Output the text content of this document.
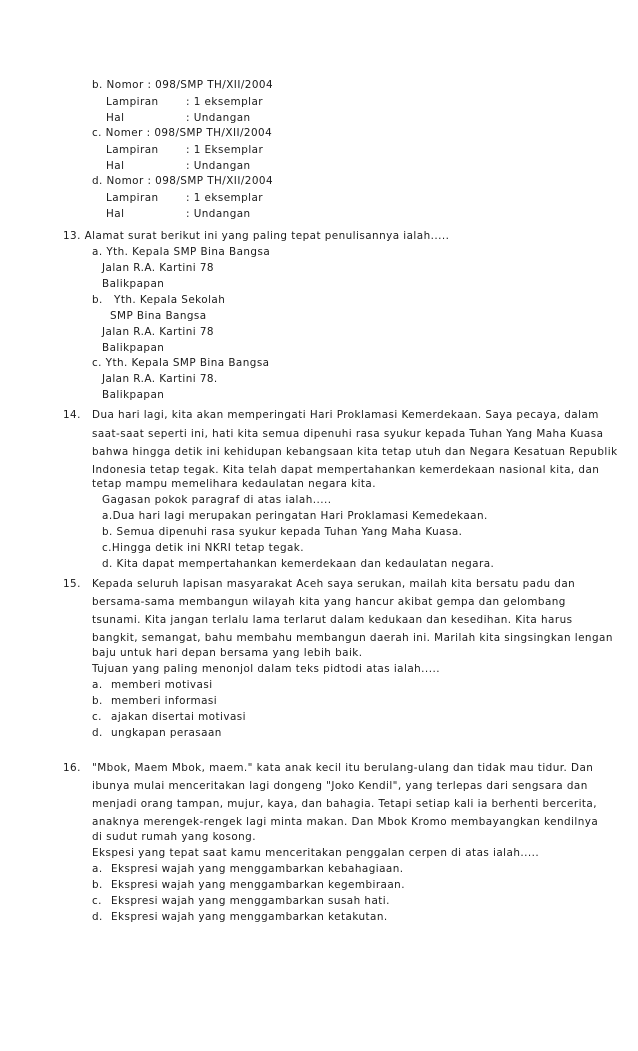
b. Nomor : 098/SMP TH/XII/2004
Lampiran	: 1 eksemplar
Hal	: Undangan
c. Nomer : 098/SMP TH/XII/2004
Lampiran	: 1 Eksemplar
Hal	: Undangan
d. Nomor : 098/SMP TH/XII/2004
Lampiran	: 1 eksemplar
Hal	: Undangan
13. Alamat surat berikut ini yang paling tepat penulisannya ialah.....
a. Yth. Kepala SMP Bina Bangsa
Jalan R.A. Kartini 78
Balikpapan
b.   Yth. Kepala Sekolah
SMP Bina Bangsa
Jalan R.A. Kartini 78
Balikpapan
c. Yth. Kepala SMP Bina Bangsa
Jalan R.A. Kartini 78.
Balikpapan
14. Dua hari lagi, kita akan memperingati Hari Proklamasi Kemerdekaan. Saya pecaya, dalam
saat-saat seperti ini, hati kita semua dipenuhi rasa syukur kepada Tuhan Yang Maha Kuasa
bahwa hingga detik ini kehidupan kebangsaan kita tetap utuh dan Negara Kesatuan Republik
Indonesia tetap tegak. Kita telah dapat mempertahankan kemerdekaan nasional kita, dan
tetap mampu memelihara kedaulatan negara kita.
Gagasan pokok paragraf di atas ialah.....
a.Dua hari lagi merupakan peringatan Hari Proklamasi Kemedekaan.
b. Semua dipenuhi rasa syukur kepada Tuhan Yang Maha Kuasa.
c.Hingga detik ini NKRI tetap tegak.
d. Kita dapat mempertahankan kemerdekaan dan kedaulatan negara.
15. Kepada seluruh lapisan masyarakat Aceh saya serukan, mailah kita bersatu padu dan
bersama-sama membangun wilayah kita yang hancur akibat gempa dan gelombang
tsunami. Kita jangan terlalu lama terlarut dalam kedukaan dan kesedihan. Kita harus
bangkit, semangat, bahu membahu membangun daerah ini. Marilah kita singsingkan lengan
baju untuk hari depan bersama yang lebih baik.
Tujuan yang paling menonjol dalam teks pidtodi atas ialah.....
a. memberi motivasi
b. memberi informasi
c. ajakan disertai motivasi
d. ungkapan perasaan
16. "Mbok, Maem Mbok, maem." kata anak kecil itu berulang-ulang dan tidak mau tidur. Dan
ibunya mulai menceritakan lagi dongeng "Joko Kendil", yang terlepas dari sengsara dan
menjadi orang tampan, mujur, kaya, dan bahagia. Tetapi setiap kali ia berhenti bercerita,
anaknya merengek-rengek lagi minta makan. Dan Mbok Kromo membayangkan kendilnya
di sudut rumah yang kosong.
Ekspesi yang tepat saat kamu menceritakan penggalan cerpen di atas ialah.....
a. Ekspresi wajah yang menggambarkan kebahagiaan.
b. Ekspresi wajah yang menggambarkan kegembiraan.
c. Ekspresi wajah yang menggambarkan susah hati.
d. Ekspresi wajah yang menggambarkan ketakutan.
